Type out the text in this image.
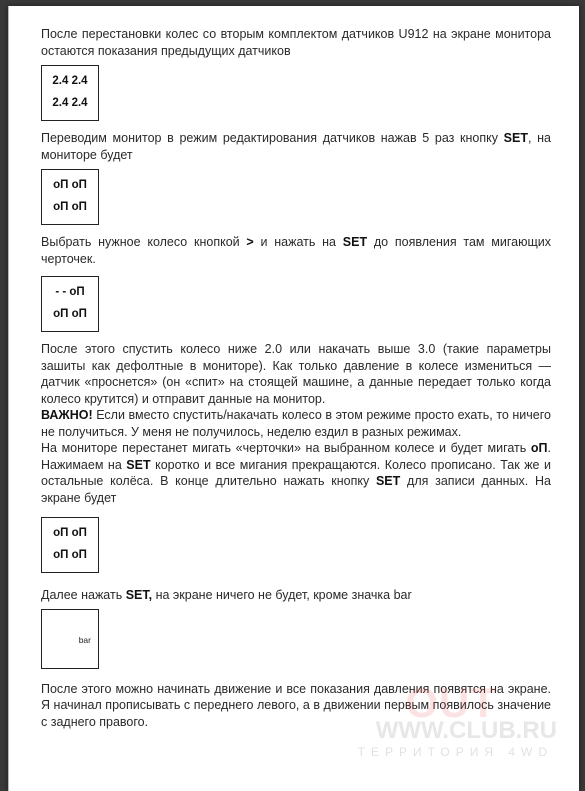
После перестановки колес со вторым комплектом датчиков U912 на экране монитора остаются показания предыдущих датчиков

2.4 2.4
2.4 2.4

Переводим монитор в режим редактирования датчиков нажав 5 раз кнопку SET, на мониторе будет

оП оП
оП оП

Выбрать нужное колесо кнопкой > и нажать на SET до появления там мигающих черточек.

- - оП
оП оП

После этого спустить колесо ниже 2.0 или накачать выше 3.0 (такие параметры зашиты как дефолтные в мониторе). Как только давление в колесе измениться — датчик «проснется» (он «спит» на стоящей машине, а данные передает только когда колесо крутится) и отправит данные на монитор.

ВАЖНО! Если вместо спустить/накачать колесо в этом режиме просто ехать, то ничего не получиться. У меня не получилось, неделю ездил в разных режимах.

На мониторе перестанет мигать «черточки» на выбранном колесе и будет мигать оП. Нажимаем на SET коротко и все мигания прекращаются. Колесо прописано. Так же и остальные колёса. В конце длительно нажать кнопку SET для записи данных. На экране будет

оП оП
оП оП

Далее нажать SET, на экране ничего не будет, кроме значка bar

bar

После этого можно начинать движение и все показания давления появятся на экране. Я начинал прописывать с переднего левого, а в движении первым появилось значение с заднего правого.	OUT
WWW.CLUB.RU
ТЕРРИТОРИЯ 4WD
